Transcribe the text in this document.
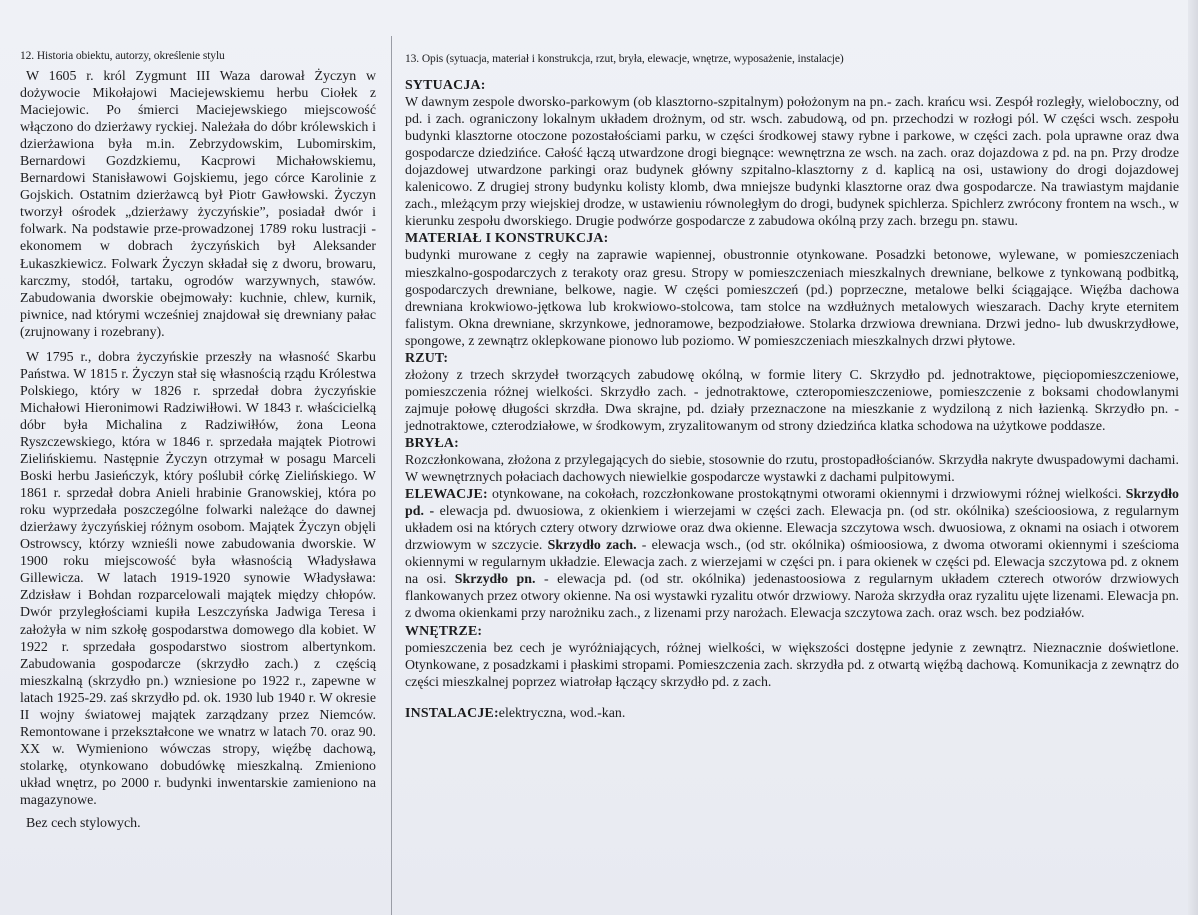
12. Historia obiektu, autorzy, określenie stylu

W 1605 r. król Zygmunt III Waza darował Życzyn w dożywocie Mikołajowi Maciejewskiemu herbu Ciołek z Maciejowic. Po śmierci Maciejewskiego miejscowość włączono do dzierżawy ryckiej. Należała do dóbr królewskich i dzierżawiona była m.in. Zebrzydowskim, Lubomirskim, Bernardowi Gozdzkiemu, Kacprowi Michałowskiemu, Bernardowi Stanisławowi Gojskiemu, jego córce Karolinie z Gojskich. Ostatnim dzierżawcą był Piotr Gawłowski. Życzyn tworzył ośrodek „dzierżawy życzyńskie”, posiadał dwór i folwark. Na podstawie prze-prowadzonej 1789 roku lustracji - ekonomem w dobrach życzyńskich był Aleksander Łukaszkiewicz. Folwark Życzyn składał się z dworu, browaru, karczmy, stodół, tartaku, ogrodów warzywnych, stawów. Zabudowania dworskie obejmowały: kuchnie, chlew, kurnik, piwnice, nad którymi wcześniej znajdował się drewniany pałac (zrujnowany i rozebrany).

W 1795 r., dobra życzyńskie przeszły na własność Skarbu Państwa. W 1815 r. Życzyn stał się własnością rządu Królestwa Polskiego, który w 1826 r. sprzedał dobra życzyńskie Michałowi Hieronimowi Radziwiłłowi. W 1843 r. właścicielką dóbr była Michalina z Radziwiłłów, żona Leona Ryszczewskiego, która w 1846 r. sprzedała majątek Piotrowi Zielińskiemu. Następnie Życzyn otrzymał w posagu Marceli Boski herbu Jasieńczyk, który poślubił córkę Zielińskiego. W 1861 r. sprzedał dobra Anieli hrabinie Granowskiej, która po roku wyprzedała poszczególne folwarki należące do dawnej dzierżawy życzyńskiej różnym osobom. Majątek Życzyn objęli Ostrowscy, którzy wznieśli nowe zabudowania dworskie. W 1900 roku miejscowość była własnością Władysława Gillewicza. W latach 1919-1920 synowie Władysława: Zdzisław i Bohdan rozparcelowali majątek między chłopów. Dwór przyległościami kupiła Leszczyńska Jadwiga Teresa i założyła w nim szkołę gospodarstwa domowego dla kobiet. W 1922 r. sprzedała gospodarstwo siostrom albertynkom. Zabudowania gospodarcze (skrzydło zach.) z częścią mieszkalną (skrzydło pn.) wzniesione po 1922 r., zapewne w latach 1925-29. zaś skrzydło pd. ok. 1930 lub 1940 r. W okresie II wojny światowej majątek zarządzany przez Niemców. Remontowane i przekształcone we wnatrz w latach 70. oraz 90. XX w. Wymieniono wówczas stropy, więźbę dachową, stolarkę, otynkowano dobudówkę mieszkalną. Zmieniono układ wnętrz, po 2000 r. budynki inwentarskie zamieniono na magazynowe.

Bez cech stylowych.

13. Opis (sytuacja, materiał i konstrukcja, rzut, bryła, elewacje, wnętrze, wyposażenie, instalacje)
SYTUACJA:

W dawnym zespole dworsko-parkowym (ob klasztorno-szpitalnym) położonym na pn.- zach. krańcu wsi. Zespół rozległy, wieloboczny, od pd. i zach. ograniczony lokalnym układem drożnym, od str. wsch. zabudową, od pn. przechodzi w rozłogi pól. W części wsch. zespołu budynki klasztorne otoczone pozostałościami parku, w części środkowej stawy rybne i parkowe, w części zach. pola uprawne oraz dwa gospodarcze dziedzińce. Całość łączą utwardzone drogi biegnące: wewnętrzna ze wsch. na zach. oraz dojazdowa z pd. na pn. Przy drodze dojazdowej utwardzone parkingi oraz budynek główny szpitalno-klasztorny z d. kaplicą na osi, ustawiony do drogi dojazdowej kalenicowo. Z drugiej strony budynku kolisty klomb, dwa mniejsze budynki klasztorne oraz dwa gospodarcze. Na trawiastym majdanie zach., mleżącym przy wiejskiej drodze, w ustawieniu równoległym do drogi, budynek spichlerza. Spichlerz zwrócony frontem na wsch., w kierunku zespołu dworskiego. Drugie podwórze gospodarcze z zabudowa okólną przy zach. brzegu pn. stawu.

MATERIAŁ I KONSTRUKCJA:

budynki murowane z cegły na zaprawie wapiennej, obustronnie otynkowane. Posadzki betonowe, wylewane, w pomieszczeniach mieszkalno-gospodarczych z terakoty oraz gresu. Stropy w pomieszczeniach mieszkalnych drewniane, belkowe z tynkowaną podbitką, gospodarczych drewniane, belkowe, nagie. W części pomieszczeń (pd.) poprzeczne, metalowe belki ściągające. Więźba dachowa drewniana krokwiowo-jętkowa lub krokwiowo-stolcowa, tam stolce na wzdłużnych metalowych wieszarach. Dachy kryte eternitem falistym. Okna drewniane, skrzynkowe, jednoramowe, bezpodziałowe. Stolarka drzwiowa drewniana. Drzwi jedno- lub dwuskrzydłowe, spongowe, z zewnątrz oklepkowane pionowo lub poziomo. W pomieszczeniach mieszkalnych drzwi płytowe.

RZUT:

złożony z trzech skrzydeł tworzących zabudowę okólną, w formie litery C. Skrzydło pd. jednotraktowe, pięciopomieszczeniowe, pomieszczenia różnej wielkości. Skrzydło zach. - jednotraktowe, czteropomieszczeniowe, pomieszczenie z boksami chodowlanymi zajmuje połowę długości skrzdła. Dwa skrajne, pd. działy przeznaczone na mieszkanie z wydziloną z nich łazienką. Skrzydło pn. - jednotraktowe, czterodziałowe, w środkowym, zryzalitowanym od strony dziedzińca klatka schodowa na użytkowe poddasze.

BRYŁA:

Rozczłonkowana, złożona z przylegających do siebie, stosownie do rzutu, prostopadłościanów. Skrzydła nakryte dwuspadowymi dachami. W wewnętrznych połaciach dachowych niewielkie gospodarcze wystawki z dachami pulpitowymi.

ELEWACJE: otynkowane, na cokołach, rozczłonkowane prostokątnymi otworami okiennymi i drzwiowymi różnej wielkości. Skrzydło pd. - elewacja pd. dwuosiowa, z okienkiem i wierzejami w części zach. Elewacja pn. (od str. okólnika) sześcioosiowa, z regularnym układem osi na których cztery otwory dzrwiowe oraz dwa okienne. Elewacja szczytowa wsch. dwuosiowa, z oknami na osiach i otworem drzwiowym w szczycie. Skrzydło zach. - elewacja wsch., (od str. okólnika) ośmioosiowa, z dwoma otworami okiennymi i sześcioma okiennymi w regularnym układzie. Elewacja zach. z wierzejami w części pn. i para okienek w części pd. Elewacja szczytowa pd. z oknem na osi. Skrzydło pn. - elewacja pd. (od str. okólnika) jedenastoosiowa z regularnym układem czterech otworów drzwiowych flankowanych przez otwory okienne. Na osi wystawki ryzalitu otwór drzwiowy. Naroża skrzydła oraz ryzalitu ujęte lizenami. Elewacja pn. z dwoma okienkami przy narożniku zach., z lizenami przy narożach. Elewacja szczytowa zach. oraz wsch. bez podziałów.

WNĘTRZE:

pomieszczenia bez cech je wyróżniających, różnej wielkości, w większości dostępne jedynie z zewnątrz. Nieznacznie doświetlone. Otynkowane, z posadzkami i płaskimi stropami. Pomieszczenia zach. skrzydła pd. z otwartą więźbą dachową. Komunikacja z zewnątrz do części mieszkalnej poprzez wiatrołap łączący skrzydło pd. z zach.

INSTALACJE:elektryczna, wod.-kan.
